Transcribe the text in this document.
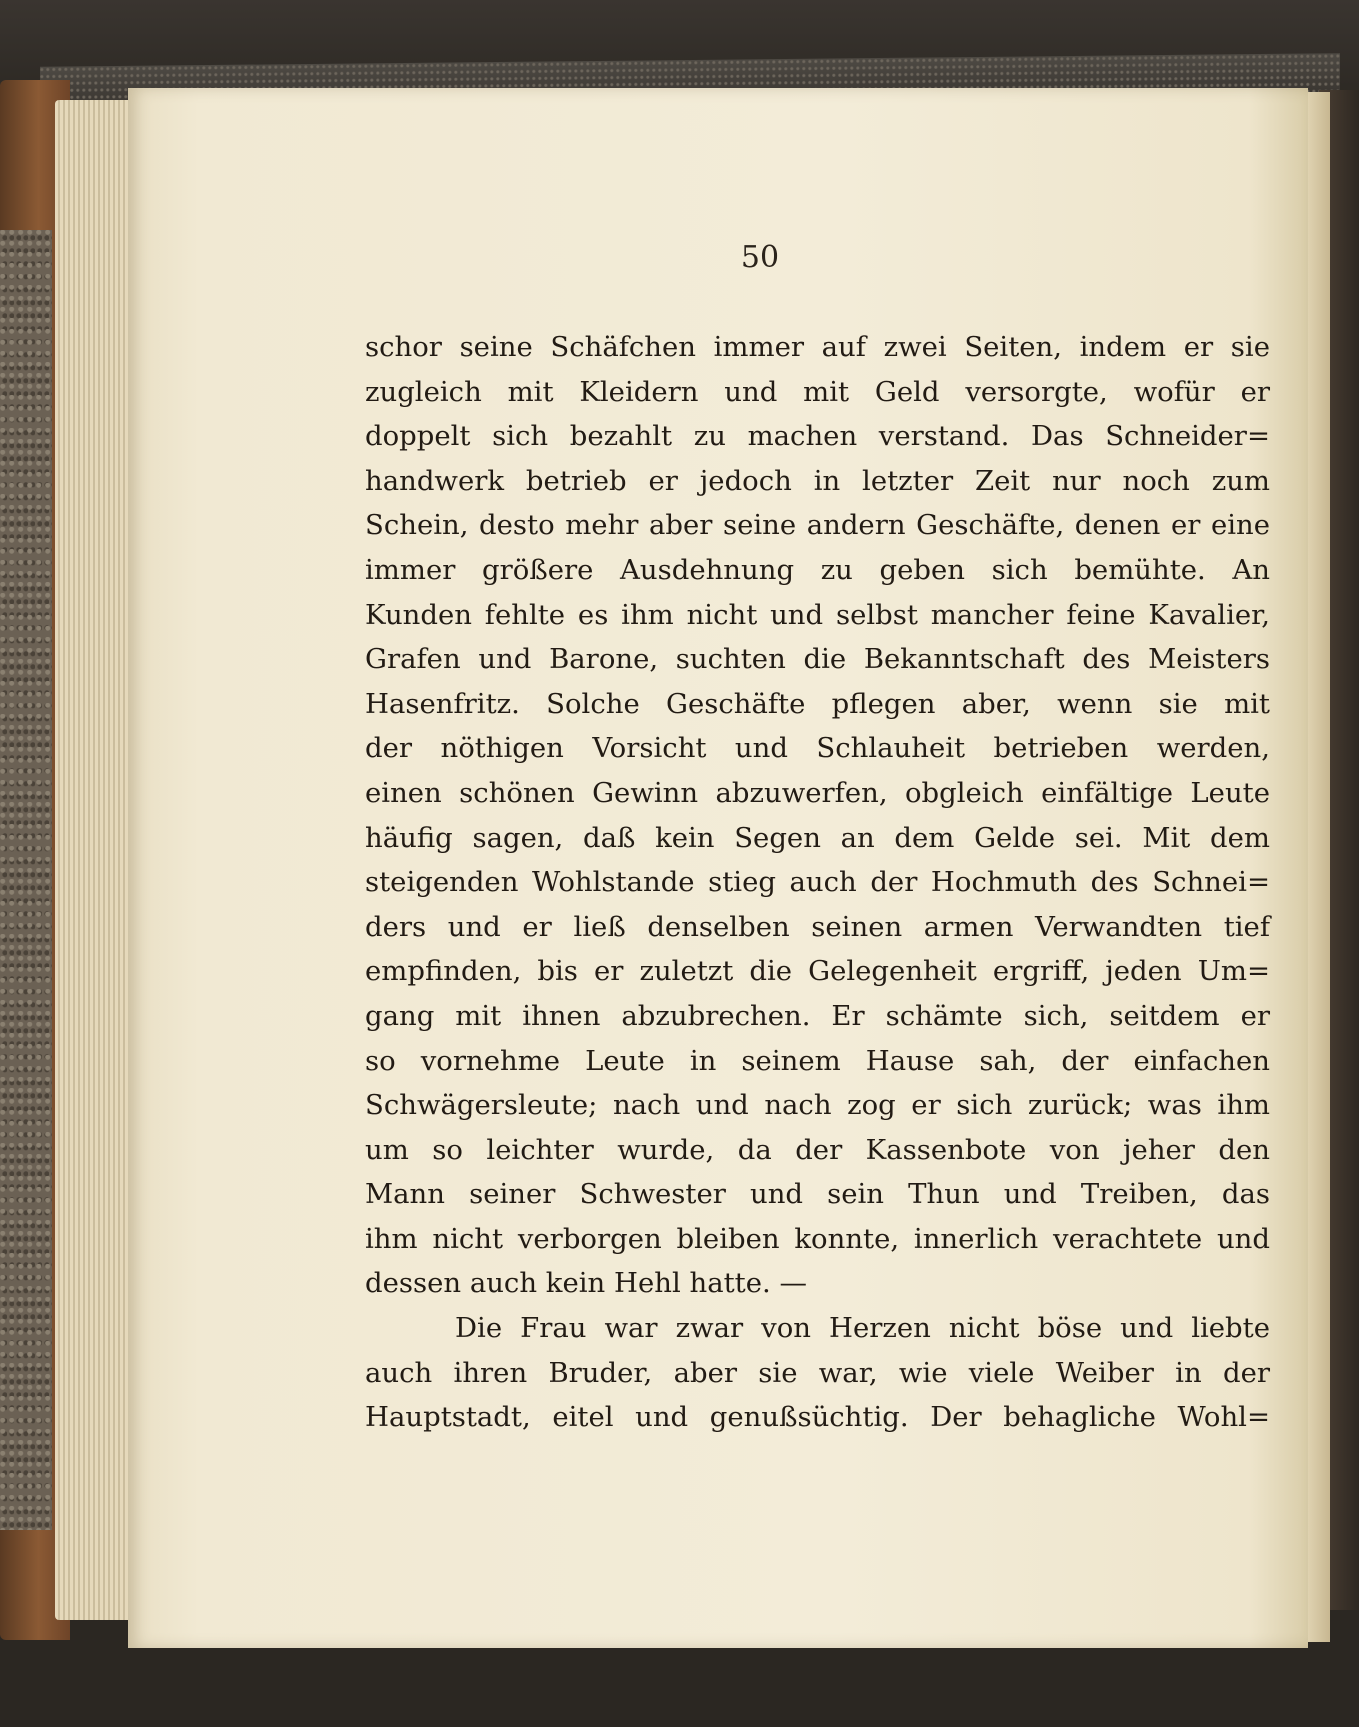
50
schor seine Schäfchen immer auf zwei Seiten, indem er sie
zugleich mit Kleidern und mit Geld versorgte, wofür er
doppelt sich bezahlt zu machen verstand. Das Schneider=
handwerk betrieb er jedoch in letzter Zeit nur noch zum
Schein, desto mehr aber seine andern Geschäfte, denen er eine
immer größere Ausdehnung zu geben sich bemühte. An
Kunden fehlte es ihm nicht und selbst mancher feine Kavalier,
Grafen und Barone, suchten die Bekanntschaft des Meisters
Hasenfritz. Solche Geschäfte pflegen aber, wenn sie mit
der nöthigen Vorsicht und Schlauheit betrieben werden,
einen schönen Gewinn abzuwerfen, obgleich einfältige Leute
häufig sagen, daß kein Segen an dem Gelde sei. Mit dem
steigenden Wohlstande stieg auch der Hochmuth des Schnei=
ders und er ließ denselben seinen armen Verwandten tief
empfinden, bis er zuletzt die Gelegenheit ergriff, jeden Um=
gang mit ihnen abzubrechen. Er schämte sich, seitdem er
so vornehme Leute in seinem Hause sah, der einfachen
Schwägersleute; nach und nach zog er sich zurück; was ihm
um so leichter wurde, da der Kassenbote von jeher den
Mann seiner Schwester und sein Thun und Treiben, das
ihm nicht verborgen bleiben konnte, innerlich verachtete und
dessen auch kein Hehl hatte. —
Die Frau war zwar von Herzen nicht böse und liebte
auch ihren Bruder, aber sie war, wie viele Weiber in der
Hauptstadt, eitel und genußsüchtig. Der behagliche Wohl=
